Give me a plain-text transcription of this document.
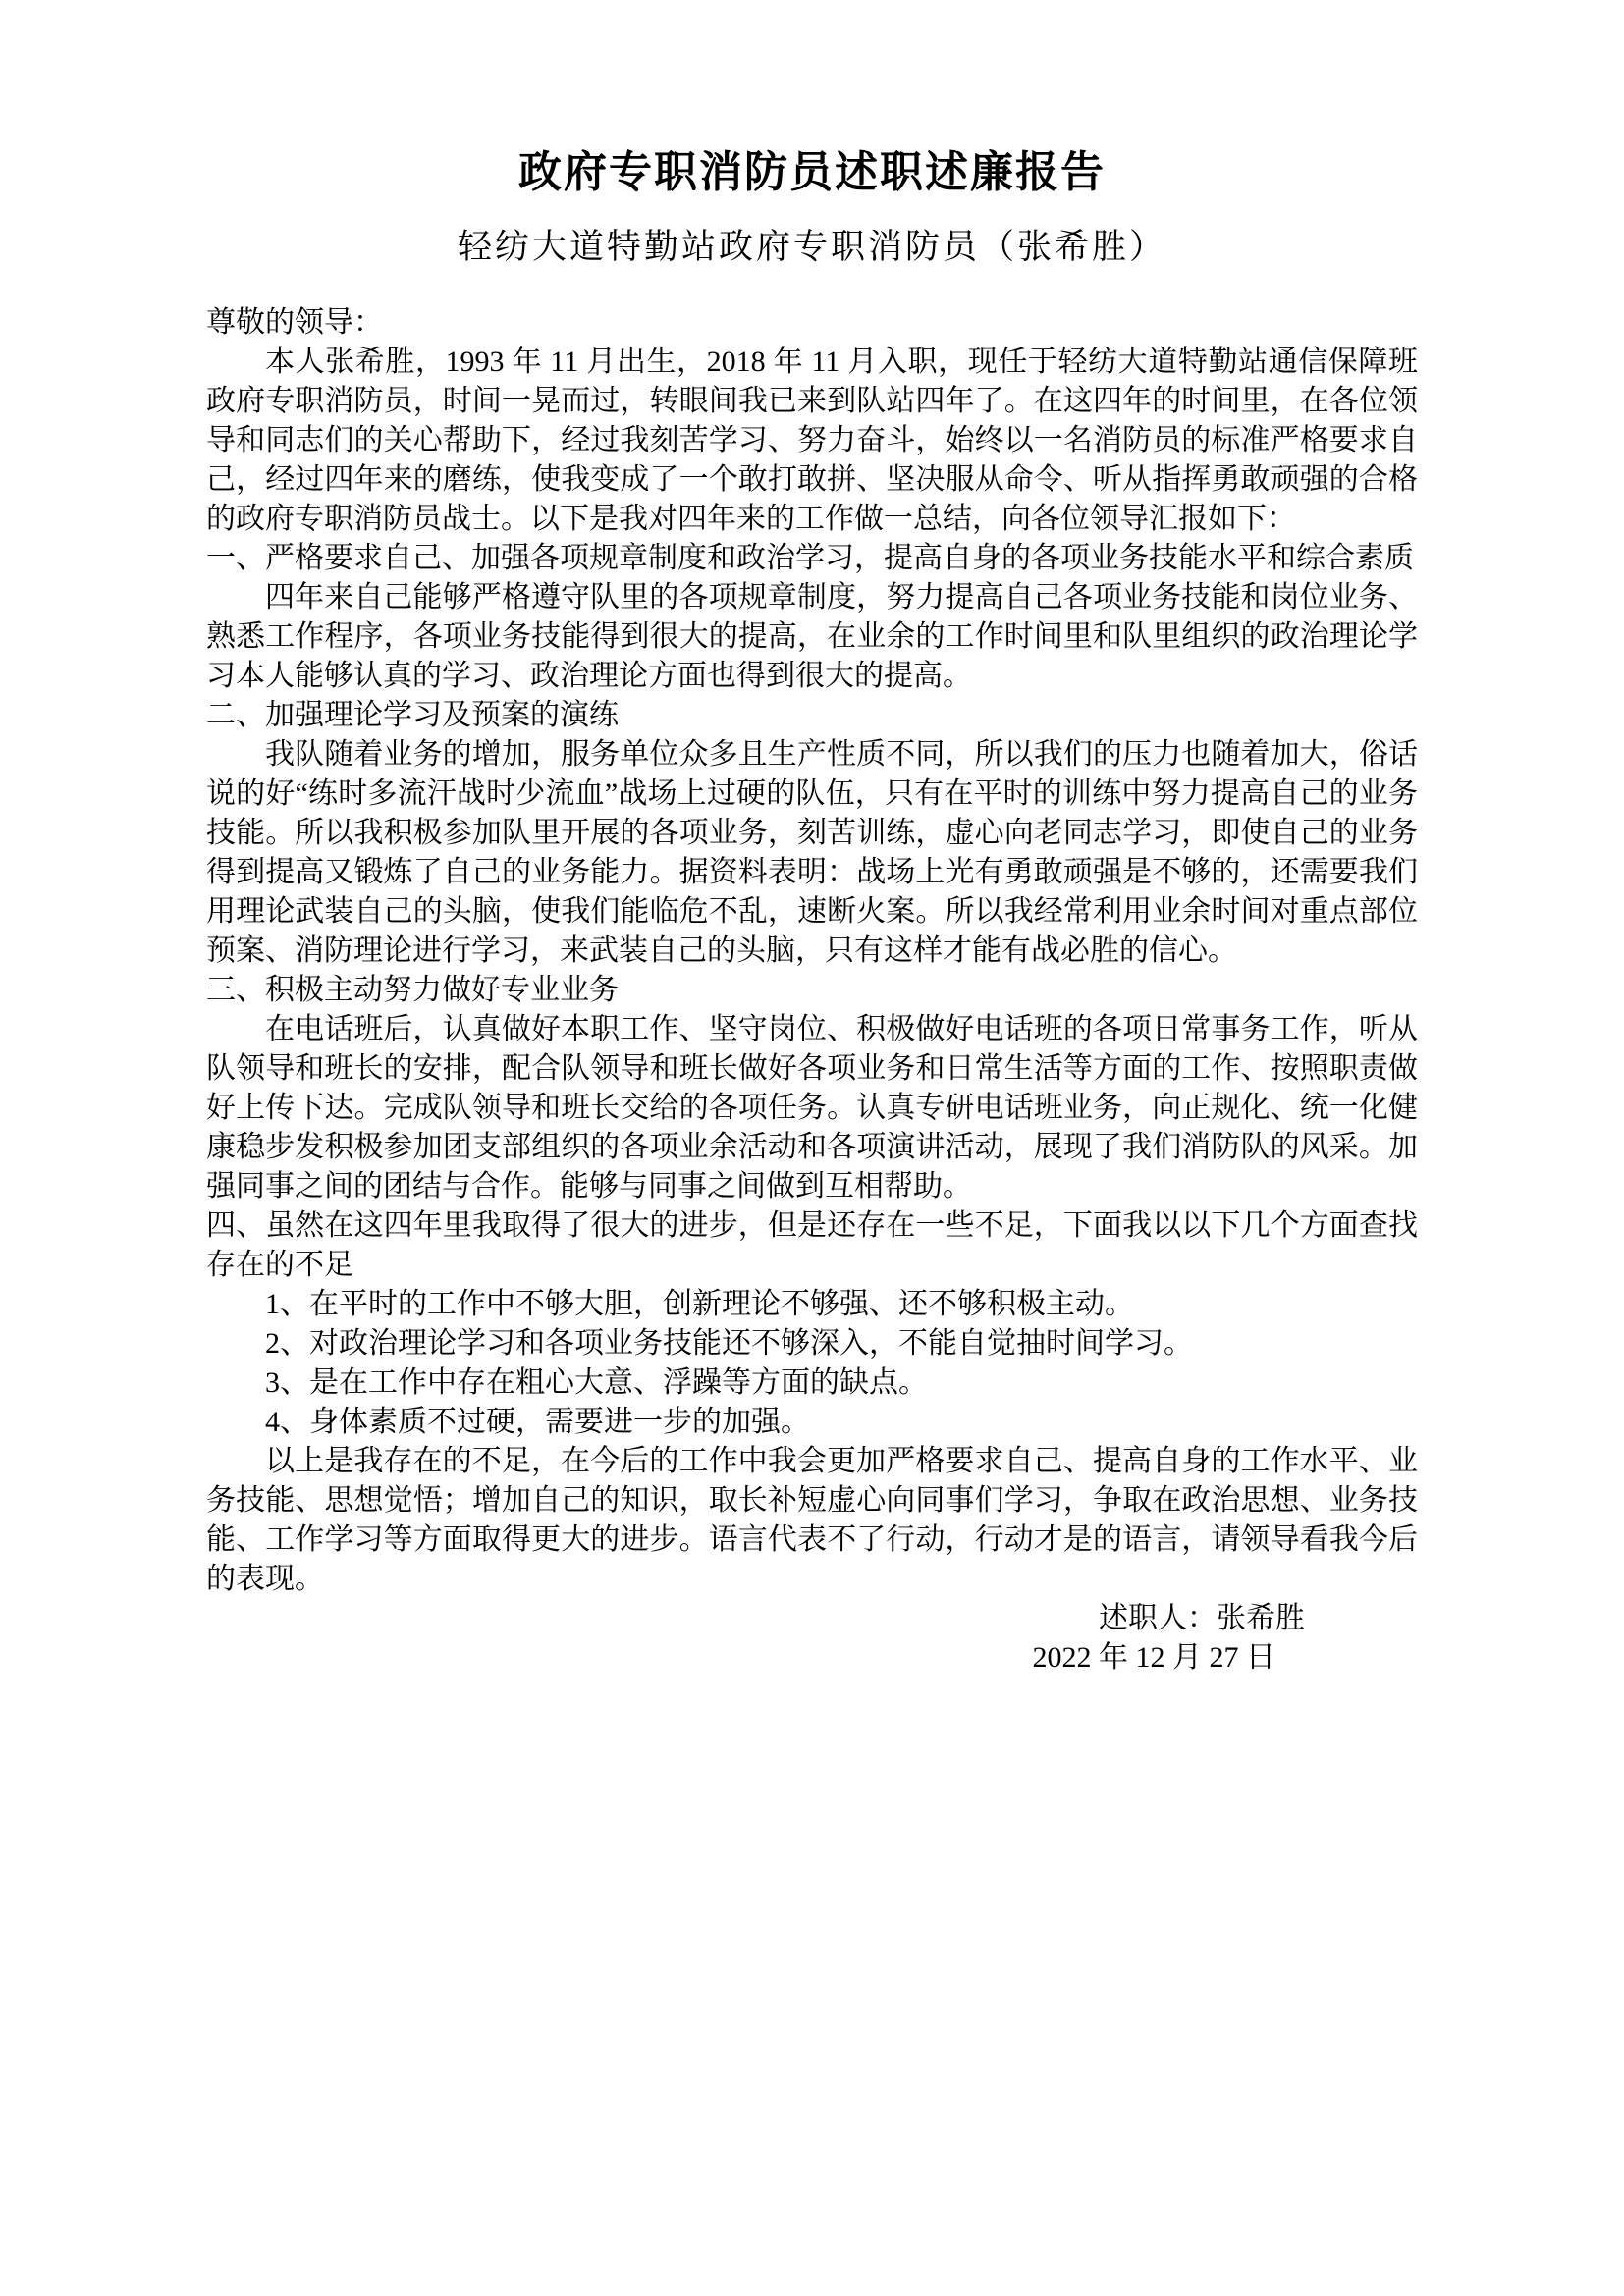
政府专职消防员述职述廉报告
轻纺大道特勤站政府专职消防员（张希胜）

尊敬的领导：

本人张希胜，1993 年 11 月出生，2018 年 11 月入职，现任于轻纺大道特勤站通信保障班政府专职消防员，时间一晃而过，转眼间我已来到队站四年了。在这四年的时间里，在各位领导和同志们的关心帮助下，经过我刻苦学习、努力奋斗，始终以一名消防员的标准严格要求自己，经过四年来的磨练，使我变成了一个敢打敢拼、坚决服从命令、听从指挥勇敢顽强的合格的政府专职消防员战士。以下是我对四年来的工作做一总结，向各位领导汇报如下：

一、严格要求自己、加强各项规章制度和政治学习，提高自身的各项业务技能水平和综合素质

四年来自己能够严格遵守队里的各项规章制度，努力提高自己各项业务技能和岗位业务、熟悉工作程序，各项业务技能得到很大的提高，在业余的工作时间里和队里组织的政治理论学习本人能够认真的学习、政治理论方面也得到很大的提高。

二、加强理论学习及预案的演练

我队随着业务的增加，服务单位众多且生产性质不同，所以我们的压力也随着加大，俗话说的好“练时多流汗战时少流血”战场上过硬的队伍，只有在平时的训练中努力提高自己的业务技能。所以我积极参加队里开展的各项业务，刻苦训练，虚心向老同志学习，即使自己的业务得到提高又锻炼了自己的业务能力。据资料表明：战场上光有勇敢顽强是不够的，还需要我们用理论武装自己的头脑，使我们能临危不乱，速断火案。所以我经常利用业余时间对重点部位预案、消防理论进行学习，来武装自己的头脑，只有这样才能有战必胜的信心。

三、积极主动努力做好专业业务

在电话班后，认真做好本职工作、坚守岗位、积极做好电话班的各项日常事务工作，听从队领导和班长的安排，配合队领导和班长做好各项业务和日常生活等方面的工作、按照职责做好上传下达。完成队领导和班长交给的各项任务。认真专研电话班业务，向正规化、统一化健康稳步发积极参加团支部组织的各项业余活动和各项演讲活动，展现了我们消防队的风采。加强同事之间的团结与合作。能够与同事之间做到互相帮助。

四、虽然在这四年里我取得了很大的进步，但是还存在一些不足，下面我以以下几个方面查找存在的不足

1、在平时的工作中不够大胆，创新理论不够强、还不够积极主动。

2、对政治理论学习和各项业务技能还不够深入，不能自觉抽时间学习。

3、是在工作中存在粗心大意、浮躁等方面的缺点。

4、身体素质不过硬，需要进一步的加强。

以上是我存在的不足，在今后的工作中我会更加严格要求自己、提高自身的工作水平、业务技能、思想觉悟；增加自己的知识，取长补短虚心向同事们学习，争取在政治思想、业务技能、工作学习等方面取得更大的进步。语言代表不了行动，行动才是的语言，请领导看我今后的表现。

述职人：张希胜

2022 年 12 月 27 日
